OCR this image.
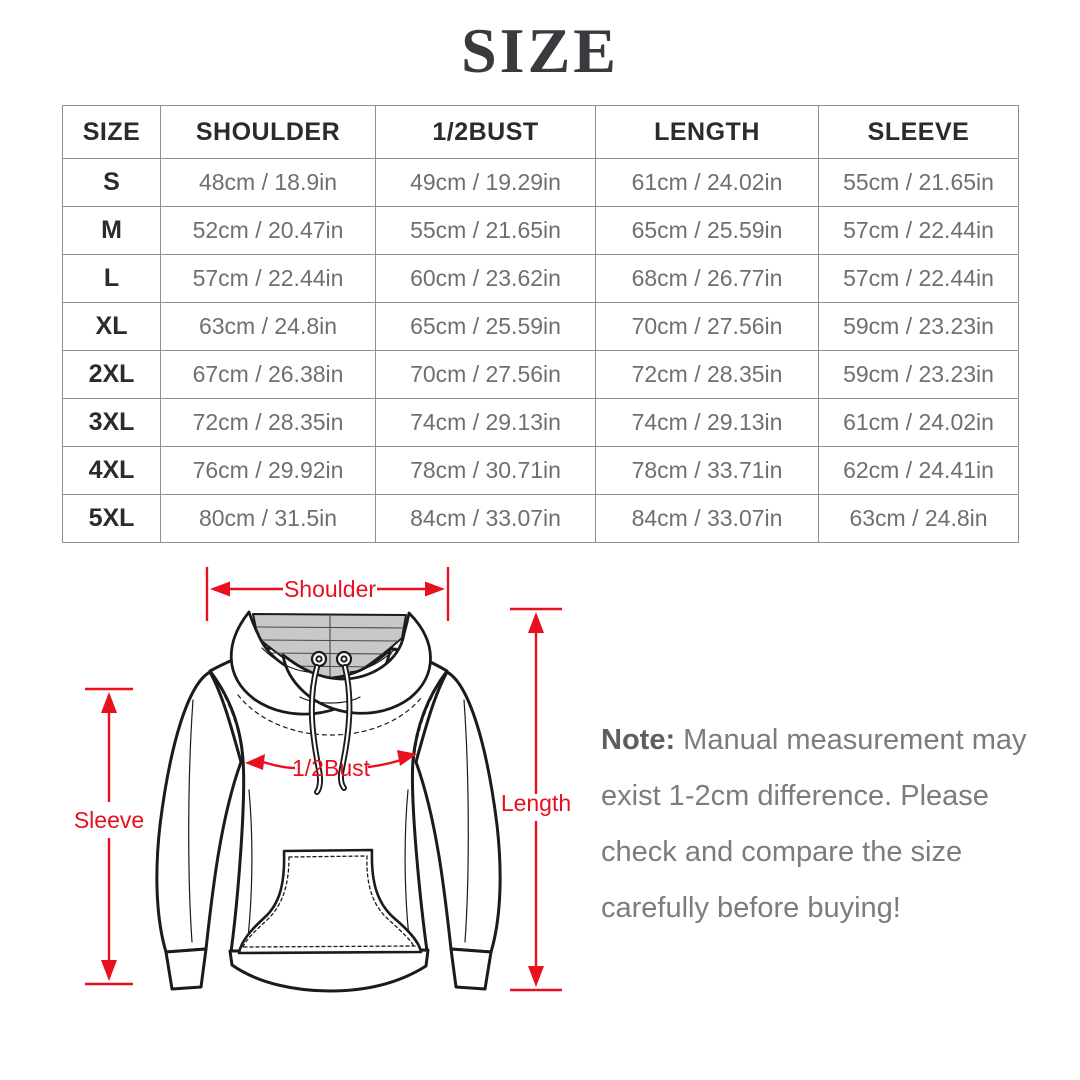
SIZE
SIZE	SHOULDER	1/2BUST	LENGTH	SLEEVE
S	48cm / 18.9in	49cm / 19.29in	61cm / 24.02in	55cm / 21.65in
M	52cm / 20.47in	55cm / 21.65in	65cm / 25.59in	57cm / 22.44in
L	57cm / 22.44in	60cm / 23.62in	68cm / 26.77in	57cm / 22.44in
XL	63cm / 24.8in	65cm / 25.59in	70cm / 27.56in	59cm / 23.23in
2XL	67cm / 26.38in	70cm / 27.56in	72cm / 28.35in	59cm / 23.23in
3XL	72cm / 28.35in	74cm / 29.13in	74cm / 29.13in	61cm / 24.02in
4XL	76cm / 29.92in	78cm / 30.71in	78cm / 33.71in	62cm / 24.41in
5XL	80cm / 31.5in	84cm / 33.07in	84cm / 33.07in	63cm / 24.8in
Shoulder
1/2Bust
Length
Sleeve

Note: Manual measurement may
exist 1-2cm difference. Please
check and compare the size
carefully before buying!
